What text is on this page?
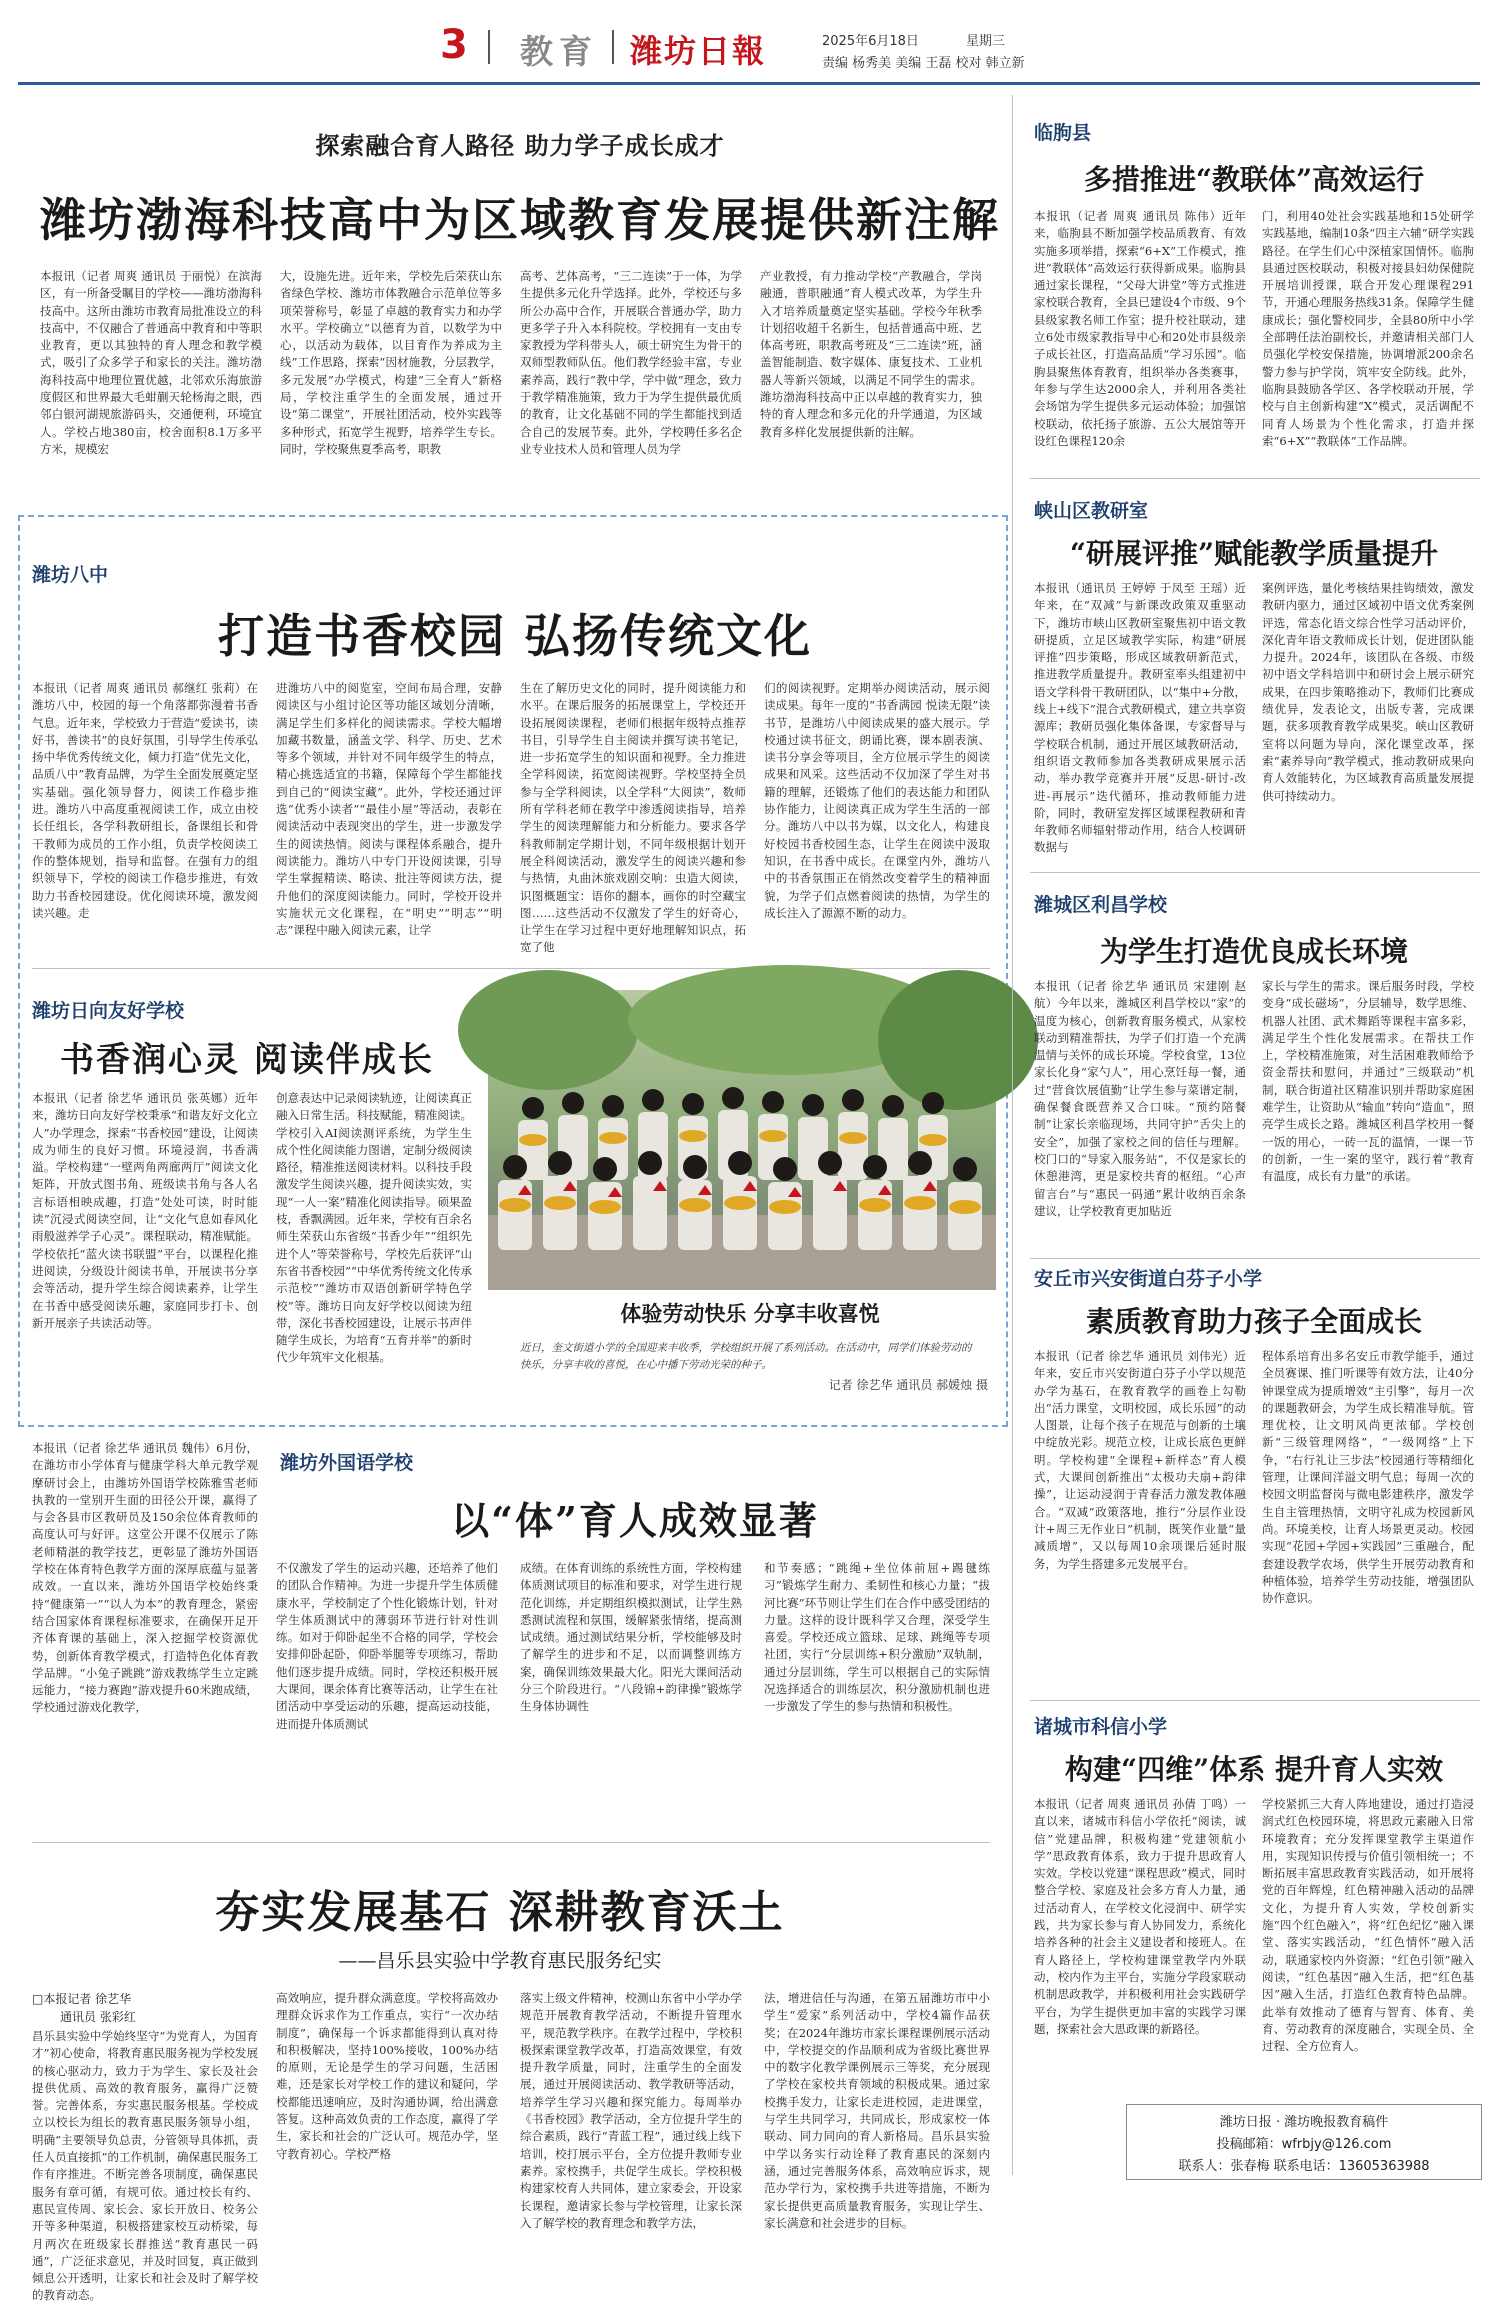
3 教育 潍坊日報	2025年6月18日	星期三
责编 杨秀美 美编 王磊 校对 韩立新
探索融合育人路径 助力学子成长成才
潍坊渤海科技高中为区域教育发展提供新注解
本报讯（记者 周爽 通讯员 于丽悦）在滨海区，有一所备受瞩目的学校——潍坊渤海科技高中。这所由潍坊市教育局批准设立的科技高中，不仅融合了普通高中教育和中等职业教育，更以其独特的育人理念和教学模式，吸引了众多学子和家长的关注。潍坊渤海科技高中地理位置优越，北邻欢乐海旅游度假区和世界最大毛蚶蒯天轮杨海之眼，西邻白银河湖规旅游码头，交通便利，环境宜人。学校占地380亩，校舍面积8.1万多平方米，规模宏
大，设施先进。近年来，学校先后荣获山东省绿色学校、潍坊市体教融合示范单位等多项荣誉称号，彰显了卓越的教育实力和办学水平。学校确立“以德育为首，以数学为中心，以活动为载体，以目育作为养成为主线”工作思路，探索“因材施教，分层教学，多元发展”办学模式，构建“三全育人”新格局，学校注重学生的全面发展，通过开设“第二课堂”，开展社团活动，校外实践等多种形式，拓宽学生视野，培养学生专长。同时，学校聚焦夏季高考，职教
高考、艺体高考，“三二连读”于一体，为学生提供多元化升学选择。此外，学校还与多所公办高中合作，开展联合普通办学，助力更多学子升入本科院校。学校拥有一支由专家教授为学科带头人，硕士研究生为骨干的双师型教师队伍。他们教学经验丰富，专业素养高，践行“教中学，学中做”理念，致力于教学精准施策，致力于为学生提供最优质的教育，让文化基础不同的学生都能找到适合自己的发展节奏。此外，学校聘任多名企业专业技术人员和管理人员为学
产业教授，有力推动学校“产教融合，学岗融通，普职融通”育人模式改革，为学生升入才培养质量奠定坚实基础。学校今年秋季计划招收超千名新生，包括普通高中班、艺体高考班，职教高考班及“三二连读”班，涵盖智能制造、数字媒体、康复技术、工业机器人等新兴领域，以满足不同学生的需求。潍坊渤海科技高中正以卓越的教育实力，独特的育人理念和多元化的升学通道，为区域教育多样化发展提供新的注解。
潍坊八中
打造书香校园 弘扬传统文化
本报讯（记者 周爽 通讯员 郝继红 张莉）在潍坊八中，校园的每一个角落都弥漫着书香气息。近年来，学校致力于营造“爱读书，读好书，善读书”的良好氛围，引导学生传承弘扬中华优秀传统文化，倾力打造“优先文化，品质八中”教育品牌，为学生全面发展奠定坚实基础。强化领导督力，阅读工作稳步推进。潍坊八中高度重视阅读工作，成立由校长任组长，各学科教研组长，备课组长和骨干教师为成员的工作小组，负责学校阅读工作的整体规划，指导和监督。在强有力的组织领导下，学校的阅读工作稳步推进，有效助力书香校园建设。优化阅读环境，激发阅读兴趣。走
进潍坊八中的阅览室，空间布局合理，安静阅读区与小组讨论区等功能区域划分清晰，满足学生们多样化的阅读需求。学校大幅增加藏书数量，涵盖文学、科学、历史、艺术等多个领域，并针对不同年级学生的特点，精心挑选适宜的书籍，保障每个学生都能找到自己的“阅读宝藏”。此外，学校还通过评选“优秀小读者”“最佳小屋”等活动，表彰在阅读活动中表现突出的学生，进一步激发学生的阅读热情。阅读与课程体系融合，提升阅读能力。潍坊八中专门开设阅读课，引导学生掌握精读、略读、批注等阅读方法，提升他们的深度阅读能力。同时，学校开设并实施状元文化课程，在“明史”“明志”“明志”课程中融入阅读元素，让学
生在了解历史文化的同时，提升阅读能力和水平。在课后服务的拓展课堂上，学校还开设拓展阅读课程，老师们根据年级特点推荐书目，引导学生自主阅读并撰写读书笔记，进一步拓宽学生的知识面和视野。全力推进全学科阅读，拓宽阅读视野。学校坚持全员参与全学科阅读，以全学科“大阅读”，数师所有学科老师在教学中渗透阅读指导，培养学生的阅读理解能力和分析能力。要求各学科教师制定学期计划，不同年级根据计划开展全科阅读活动，激发学生的阅读兴趣和参与热情，丸曲沐旅戏剧交响：虫造大阅读，识图概题宝：语你的翻本，画你的时空藏宝图……这些活动不仅激发了学生的好奇心，让学生在学习过程中更好地理解知识点，拓宽了他
们的阅读视野。定期举办阅读活动，展示阅读成果。每年一度的“书香满园 悦读无限”读书节，是潍坊八中阅读成果的盛大展示。学校通过读书征文，朗诵比赛，课本剧表演、读书分享会等项目，全方位展示学生的阅读成果和风采。这些活动不仅加深了学生对书籍的理解，还锻炼了他们的表达能力和团队协作能力，让阅读真正成为学生生活的一部分。潍坊八中以书为媒，以文化人，构建良好校园书香校园生态，让学生在阅读中汲取知识，在书香中成长。在课堂内外，潍坊八中的书香氛围正在悄然改变着学生的精神面貌，为学子们点燃着阅读的热情，为学生的成长注入了源源不断的动力。
潍坊日向友好学校
书香润心灵 阅读伴成长
本报讯（记者 徐艺华 通讯员 张英娜）近年来，潍坊日向友好学校秉承“和谐友好文化立人”办学理念，探索“书香校园”建设，让阅读成为师生的良好习惯。环境浸润，书香满溢。学校构建“一壁两角两廊两厅”阅读文化矩阵，开放式图书角、班级读书角与各人名言标语相映成趣，打造“处处可读，时时能读”沉浸式阅读空间，让“文化气息如春风化雨般滋养学子心灵”。课程联动，精准赋能。学校依托“蓝火读书联盟”平台，以课程化推进阅读，分级设计阅读书单，开展读书分享会等活动，提升学生综合阅读素养，让学生在书香中感受阅读乐趣，家庭同步打卡、创新开展亲子共读活动等。
创意表达中记录阅读轨迹，让阅读真正融入日常生活。科技赋能，精准阅读。学校引入AI阅读测评系统，为学生生成个性化阅读能力图谱，定制分级阅读路径，精准推送阅读材料。以科技手段激发学生阅读兴趣，提升阅读实效，实现“一人一案”精准化阅读指导。硕果盈枝，香飘满园。近年来，学校有百余名师生荣获山东省级“书香少年”“组织先进个人”等荣誉称号，学校先后获评“山东省书香校园”“中华优秀传统文化传承示范校”“潍坊市双语创新研学特色学校”等。潍坊日向友好学校以阅读为纽带，深化书香校园建设，让展示书声伴随学生成长，为培育“五育并举”的新时代少年筑牢文化根基。
体验劳动快乐 分享丰收喜悦
近日，奎文街道小学的全国迎来丰收季，学校组织开展了系列活动。在活动中，同学们体验劳动的快乐，分享丰收的喜悦，在心中播下劳动光荣的种子。
记者 徐艺华 通讯员 郝媛烛 摄
本报讯（记者 徐艺华 通讯员 魏伟）6月份，在潍坊市小学体育与健康学科大单元教学观摩研讨会上，由潍坊外国语学校陈雅雪老师执教的一堂别开生面的田径公开课，赢得了与会各县市区教研员及150余位体育教师的高度认可与好评。这堂公开课不仅展示了陈老师精湛的教学技艺，更彰显了潍坊外国语学校在体育特色教学方面的深厚底蕴与显著成效。一直以来，潍坊外国语学校始终秉持“健康第一”“以人为本”的教育理念，紧密结合国家体育课程标准要求，在确保开足开齐体育课的基础上，深入挖掘学校资源优势，创新体育教学模式，打造特色化体育教学品牌。“小兔子跳跳”游戏教练学生立定跳远能力，“接力赛跑”游戏提升60米跑成绩，学校通过游戏化教学，
潍坊外国语学校
以“体”育人成效显著
不仅激发了学生的运动兴趣，还培养了他们的团队合作精神。为进一步提升学生体质健康水平，学校制定了个性化锻炼计划，针对学生体质测试中的薄弱环节进行针对性训练。如对于仰卧起坐不合格的同学，学校会安排仰卧起卧，仰卧举腿等专项练习，帮助他们逐步提升成绩。同时，学校还积极开展大课间，课余体育比赛等活动，让学生在社团活动中享受运动的乐趣，提高运动技能，进而提升体质测试
成绩。在体育训练的系统性方面，学校构建体质测试项目的标准和要求，对学生进行规范化训练，并定期组织模拟测试，让学生熟悉测试流程和氛围，缓解紧张情绪，提高测试成绩。通过测试结果分析，学校能够及时了解学生的进步和不足，以而调整训练方案，确保训练效果最大化。阳光大课间活动分三个阶段进行。“八段锦+韵律操”锻炼学生身体协调性
和节奏感；“跳绳+坐位体前屈+踢毽练习”锻炼学生耐力、柔韧性和核心力量；“拔河比赛”环节则让学生们在合作中感受团结的力量。这样的设计既科学又合理，深受学生喜爱。学校还成立篮球、足球、跳绳等专项社团，实行“分层训练+积分激励”双轨制，通过分层训练，学生可以根据自己的实际情况选择适合的训练层次，积分激励机制也进一步激发了学生的参与热情和积极性。
夯实发展基石 深耕教育沃土
——昌乐县实验中学教育惠民服务纪实
□本报记者 徐艺华
通讯员 张彩红
昌乐县实验中学始终坚守“为党育人，为国育才”初心使命，将教育惠民服务视为学校发展的核心驱动力，致力于为学生、家长及社会提供优质、高效的教育服务，赢得广泛赞誉。完善体系，夯实惠民服务根基。学校成立以校长为组长的教育惠民服务领导小组，明确“主要领导负总责，分管领导具体抓，责任人员直接抓”的工作机制，确保惠民服务工作有序推进。不断完善各项制度，确保惠民服务有章可循，有规可依。通过校长有约、惠民宣传周、家长会、家长开放日、校务公开等多种渠道，积极搭建家校互动桥梁，每月两次在班级家长群推送“教育惠民一码通”，广泛征求意见，并及时回复，真正做到倾息公开透明，让家长和社会及时了解学校的教育动态。
高效响应，提升群众满意度。学校将高效办理群众诉求作为工作重点，实行“一次办结制度”，确保每一个诉求都能得到认真对待和积极解决，坚持100%接收，100%办结的原则，无论是学生的学习问题，生活困难，还是家长对学校工作的建议和疑问，学校都能迅速响应，及时沟通协调，给出满意答复。这种高效负责的工作态度，赢得了学生，家长和社会的广泛认可。规范办学，坚守教育初心。学校严格
落实上级文件精神，校测山东省中小学办学规范开展教育教学活动，不断提升管理水平，规范教学秩序。在教学过程中，学校积极探索课堂教学改革，打造高效课堂，有效提升教学质量，同时，注重学生的全面发展，通过开展阅读活动、教学教研等活动，培养学生学习兴趣和探究能力。每周举办《书香校园》教学活动，全方位提升学生的综合素质，践行“青蓝工程”，通过线上线下培训，校打展示平台，全方位提升教师专业素养。家校携手，共促学生成长。学校积极构建家校育人共同体，建立家委会，开设家长课程，邀请家长参与学校管理，让家长深入了解学校的教育理念和教学方法，
法，增进信任与沟通，在第五届潍坊市中小学生“爱家”系列活动中，学校4篇作品获奖；在2024年潍坊市家长课程课例展示活动中，学校提交的作品顺利成为省级比赛世界中的数字化教学课例展示三等奖，充分展现了学校在家校共育领域的积极成果。通过家校携手发力，让家长走进校园，走进课堂，与学生共同学习，共同成长，形成家校一体联动、同力同向的育人新格局。昌乐县实验中学以务实行动诠释了教育惠民的深刻内涵，通过完善服务体系，高效响应诉求，规范办学行为，家校携手共进等措施，不断为家长提供更高质量教育服务，实现让学生、家长满意和社会进步的目标。
临朐县
多措推进“教联体”高效运行
本报讯（记者 周爽 通讯员 陈伟）近年来，临朐县不断加强学校品质教育、有效实施多项举措，探索“6+X”工作模式，推进“教联体”高效运行获得新成果。临朐县通过家长课程，“父母大讲堂”等方式推进家校联合教育，全县已建设4个市级、9个县级家教名师工作室；提升校社联动，建立6处市级家教指导中心和20处市县级亲子成长社区，打造高品质“学习乐园”。临朐县聚焦体育教育，组织举办各类赛事，年参与学生达2000余人，并利用各类社会场馆为学生提供多元运动体验；加强馆校联动，依托扬子旅游、五公大展馆等开设红色课程120余
门，利用40处社会实践基地和15处研学实践基地，编制10条“四主六辅”研学实践路径。在学生们心中深植家国情怀。临朐县通过医校联动，积极对接县妇幼保健院开展培训授课，联合开发心理课程291节，开通心理服务热线31条。保障学生健康成长；强化警校同步，全县80所中小学全部聘任法治副校长，并邀请相关部门人员强化学校安保措施，协调增派200余名警力参与护学岗，筑牢安全防线。此外，临朐县鼓励各学区、各学校联动开展，学校与自主创新构建“X”模式，灵活调配不同育人场景为个性化需求，打造并探索“6+X”“教联体”工作品牌。
峡山区教研室
“研展评推”赋能教学质量提升
本报讯（通讯员 王婷婷 于凤至 王瑶）近年来，在“双减”与新课改政策双重驱动下，潍坊市峡山区教研室聚焦初中语文教研提质，立足区域教学实际，构建“研展评推”四步策略，形成区域教研新范式，推进教学质量提升。教研室率头组建初中语文学科骨干教研团队，以“集中+分散，线上+线下”混合式教研模式，建立共享资源库；教研员强化集体备课，专家督导与学校联合机制，通过开展区域教研活动，组织语文教师参加各类教研成果展示活动，举办教学竞赛并开展“反思-研讨-改进-再展示”迭代循环，推动教师能力进阶，同时，教研室发挥区域课程教研和青年教师名师辐射带动作用，结合人校调研数据与
案例评选，量化考核结果挂钩绩效，激发教研内驱力，通过区域初中语文优秀案例评选，常态化语文综合性学习活动评价，深化青年语文教师成长计划，促进团队能力提升。2024年，该团队在各级、市级初中语文学科培训中和研讨会上展示研究成果，在四步策略推动下，教师们比赛成绩优异，发表论文，出版专著，完成课题，获多项教育教学成果奖。峡山区教研室将以问题为导向，深化课堂改革，探索“素养导向”教学模式，推动教研成果向育人效能转化，为区域教育高质量发展提供可持续动力。
潍城区利昌学校
为学生打造优良成长环境
本报讯（记者 徐艺华 通讯员 宋建刚 赵航）今年以来，潍城区利昌学校以“家”的温度为核心，创新教育服务模式，从家校联动到精准帮扶，为学子们打造一个充满温情与关怀的成长环境。学校食堂，13位家长化身“家勺人”，用心烹饪每一餐，通过“营食饮展值勤”让学生参与菜谱定制，确保餐食既营养又合口味。“预约陪餐制”让家长亲临现场，共同守护“舌尖上的安全”，加强了家校之间的信任与理解。校门口的“导家入服务站”，不仅是家长的休憩港湾，更是家校共育的枢纽。“心声留言台”与“惠民一码通”累计收纳百余条建议，让学校教育更加贴近
家长与学生的需求。课后服务时段，学校变身“成长磁场”，分层辅导，数学思维、机器人社团、武术舞蹈等课程丰富多彩，满足学生个性化发展需求。在帮扶工作上，学校精准施策，对生活困难教师给予资金帮扶和慰问，并通过“三级联动”机制，联合街道社区精准识别并帮助家庭困难学生，让资助从“输血”转向“造血”，照亮学生成长之路。潍城区利昌学校用一餐一饭的用心，一砖一瓦的温情，一课一节的创新，一生一案的坚守，践行着“教育有温度，成长有力量”的承诺。
安丘市兴安街道白芬子小学
素质教育助力孩子全面成长
本报讯（记者 徐艺华 通讯员 刘伟光）近年来，安丘市兴安街道白芬子小学以规范办学为基石，在教育教学的画卷上勾勒出“活力课堂，文明校园，成长乐园”的动人图景，让每个孩子在规范与创新的土壤中绽放光彩。规范立校，让成长底色更鲜明。学校构建“全课程+新样态”育人模式，大课间创新推出“太极功夫扇+韵律操”，让运动浸润于青春活力激发教体融合。“双减”政策落地，推行“分层作业设计+周三无作业日”机制，既笑作业量“量减质增”，又以每周10余项课后延时服务，为学生搭建多元发展平台。
程体系培育出多名安丘市教学能手，通过全员赛课、推门听课等有效方法，让40分钟课堂成为提质增效“主引擎”，每月一次的课题教研会，为学生成长精准导航。管理优校，让文明风尚更浓郁。学校创新“三级管理网络”，“一级网络”上下争，“右行礼让三步法”校园通行等精细化管理，让课间洋溢文明气息；每周一次的校园文明监督岗与微电影建秩序，激发学生自主管理热情，文明守礼成为校园新风尚。环境美校，让育人场景更灵动。校园实现“花园+学园+实践园”三重融合，配套建设教学农场，供学生开展劳动教育和种植体验，培养学生劳动技能，增强团队协作意识。
诸城市科信小学
构建“四维”体系 提升育人实效
本报讯（记者 周爽 通讯员 孙倩 丁鸣）一直以来，诸城市科信小学依托“阅读，诚信”党建品牌，积极构建“党建领航小学”思政教育体系，致力于提升思政育人实效。学校以党建“课程思政”模式，同时整合学校、家庭及社会多方育人力量，通过活动育人，在学校文化浸润中、研学实践，共为家长参与育人协同发力，系统化培养各种的社会主义建设者和接班人。在育人路径上，学校构建课堂教学内外联动，校内作为主平台，实施分学段家联动机制思政教学，并积极利用社会实践研学平台，为学生提供更加丰富的实践学习课题，探索社会大思政课的新路径。
学校紧抓三大育人阵地建设，通过打造浸润式红色校园环境，将思政元素融入日常环境教育；充分发挥课堂教学主渠道作用，实现知识传授与价值引领相统一；不断拓展丰富思政教育实践活动，如开展将党的百年辉煌，红色精神融入活动的品牌文化，为提升育人实效，学校创新实施“四个红色融入”，将“红色纪忆”融入课堂、落实实践活动，“红色情怀”融入活动，联通家校内外资源；“红色引领”融入阅读，“红色基因”融入生活，把“红色基因”融入生活，打造红色教育特色品牌。此举有效推动了德育与智育、体育、美育、劳动教育的深度融合，实现全员、全过程、全方位育人。
潍坊日报 · 潍坊晚报教育稿件
投稿邮箱：wfrbjy@126.com
联系人：张春梅 联系电话：13605363988
